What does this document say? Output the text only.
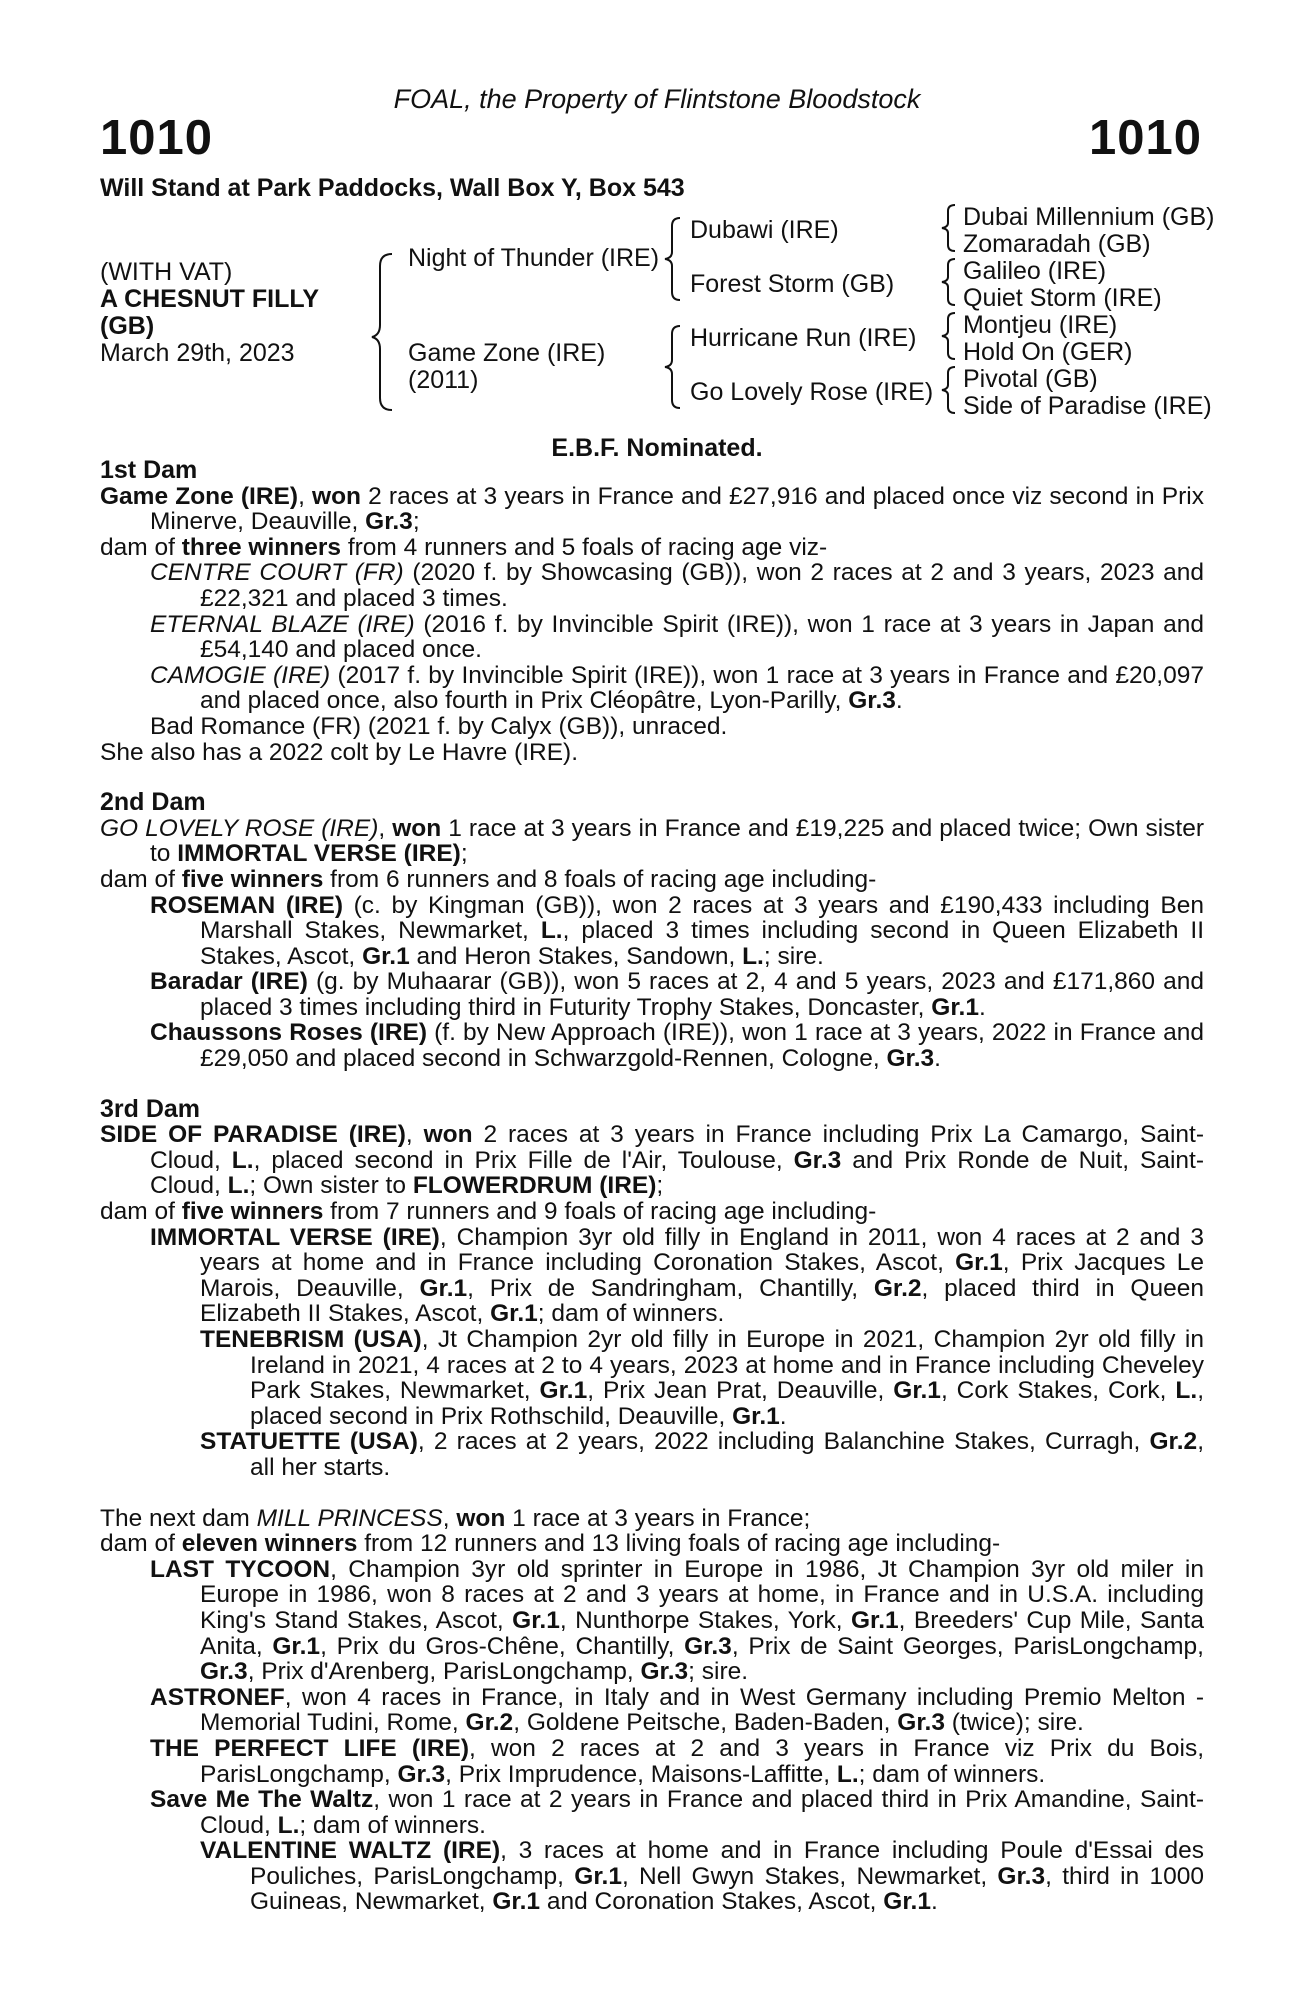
FOAL, the Property of Flintstone Bloodstock
1010	1010
Will Stand at Park Paddocks, Wall Box Y, Box 543
(WITH VAT)
A CHESNUT FILLY
(GB)
March 29th, 2023
Night of Thunder (IRE)
Game Zone (IRE)
(2011)
Dubawi (IRE)
Forest Storm (GB)
Hurricane Run (IRE)
Go Lovely Rose (IRE)
Dubai Millennium (GB)
Zomaradah (GB)
Galileo (IRE)
Quiet Storm (IRE)
Montjeu (IRE)
Hold On (GER)
Pivotal (GB)
Side of Paradise (IRE)
E.B.F. Nominated.

1st Dam

Game Zone (IRE), won 2 races at 3 years in France and £27,916 and placed once viz second in Prix Minerve, Deauville, Gr.3;

dam of three winners from 4 runners and 5 foals of racing age viz-

CENTRE COURT (FR) (2020 f. by Showcasing (GB)), won 2 races at 2 and 3 years, 2023 and £22,321 and placed 3 times.

ETERNAL BLAZE (IRE) (2016 f. by Invincible Spirit (IRE)), won 1 race at 3 years in Japan and £54,140 and placed once.

CAMOGIE (IRE) (2017 f. by Invincible Spirit (IRE)), won 1 race at 3 years in France and £20,097 and placed once, also fourth in Prix Cléopâtre, Lyon-Parilly, Gr.3.

Bad Romance (FR) (2021 f. by Calyx (GB)), unraced.

She also has a 2022 colt by Le Havre (IRE).

2nd Dam

GO LOVELY ROSE (IRE), won 1 race at 3 years in France and £19,225 and placed twice; Own sister to IMMORTAL VERSE (IRE);

dam of five winners from 6 runners and 8 foals of racing age including-

ROSEMAN (IRE) (c. by Kingman (GB)), won 2 races at 3 years and £190,433 including Ben Marshall Stakes, Newmarket, L., placed 3 times including second in Queen Elizabeth II Stakes, Ascot, Gr.1 and Heron Stakes, Sandown, L.; sire.

Baradar (IRE) (g. by Muhaarar (GB)), won 5 races at 2, 4 and 5 years, 2023 and £171,860 and placed 3 times including third in Futurity Trophy Stakes, Doncaster, Gr.1.

Chaussons Roses (IRE) (f. by New Approach (IRE)), won 1 race at 3 years, 2022 in France and £29,050 and placed second in Schwarzgold-Rennen, Cologne, Gr.3.

3rd Dam

SIDE OF PARADISE (IRE), won 2 races at 3 years in France including Prix La Camargo, Saint-Cloud, L., placed second in Prix Fille de l'Air, Toulouse, Gr.3 and Prix Ronde de Nuit, Saint-Cloud, L.; Own sister to FLOWERDRUM (IRE);

dam of five winners from 7 runners and 9 foals of racing age including-

IMMORTAL VERSE (IRE), Champion 3yr old filly in England in 2011, won 4 races at 2 and 3 years at home and in France including Coronation Stakes, Ascot, Gr.1, Prix Jacques Le Marois, Deauville, Gr.1, Prix de Sandringham, Chantilly, Gr.2, placed third in Queen Elizabeth II Stakes, Ascot, Gr.1; dam of winners.

TENEBRISM (USA), Jt Champion 2yr old filly in Europe in 2021, Champion 2yr old filly in Ireland in 2021, 4 races at 2 to 4 years, 2023 at home and in France including Cheveley Park Stakes, Newmarket, Gr.1, Prix Jean Prat, Deauville, Gr.1, Cork Stakes, Cork, L., placed second in Prix Rothschild, Deauville, Gr.1.

STATUETTE (USA), 2 races at 2 years, 2022 including Balanchine Stakes, Curragh, Gr.2, all her starts.

The next dam MILL PRINCESS, won 1 race at 3 years in France;

dam of eleven winners from 12 runners and 13 living foals of racing age including-

LAST TYCOON, Champion 3yr old sprinter in Europe in 1986, Jt Champion 3yr old miler in Europe in 1986, won 8 races at 2 and 3 years at home, in France and in U.S.A. including King's Stand Stakes, Ascot, Gr.1, Nunthorpe Stakes, York, Gr.1, Breeders' Cup Mile, Santa Anita, Gr.1, Prix du Gros-Chêne, Chantilly, Gr.3, Prix de Saint Georges, ParisLongchamp, Gr.3, Prix d'Arenberg, ParisLongchamp, Gr.3; sire.

ASTRONEF, won 4 races in France, in Italy and in West Germany including Premio Melton - Memorial Tudini, Rome, Gr.2, Goldene Peitsche, Baden-Baden, Gr.3 (twice); sire.

THE PERFECT LIFE (IRE), won 2 races at 2 and 3 years in France viz Prix du Bois, ParisLongchamp, Gr.3, Prix Imprudence, Maisons-Laffitte, L.; dam of winners.

Save Me The Waltz, won 1 race at 2 years in France and placed third in Prix Amandine, Saint-Cloud, L.; dam of winners.

VALENTINE WALTZ (IRE), 3 races at home and in France including Poule d'Essai des Pouliches, ParisLongchamp, Gr.1, Nell Gwyn Stakes, Newmarket, Gr.3, third in 1000 Guineas, Newmarket, Gr.1 and Coronation Stakes, Ascot, Gr.1.
